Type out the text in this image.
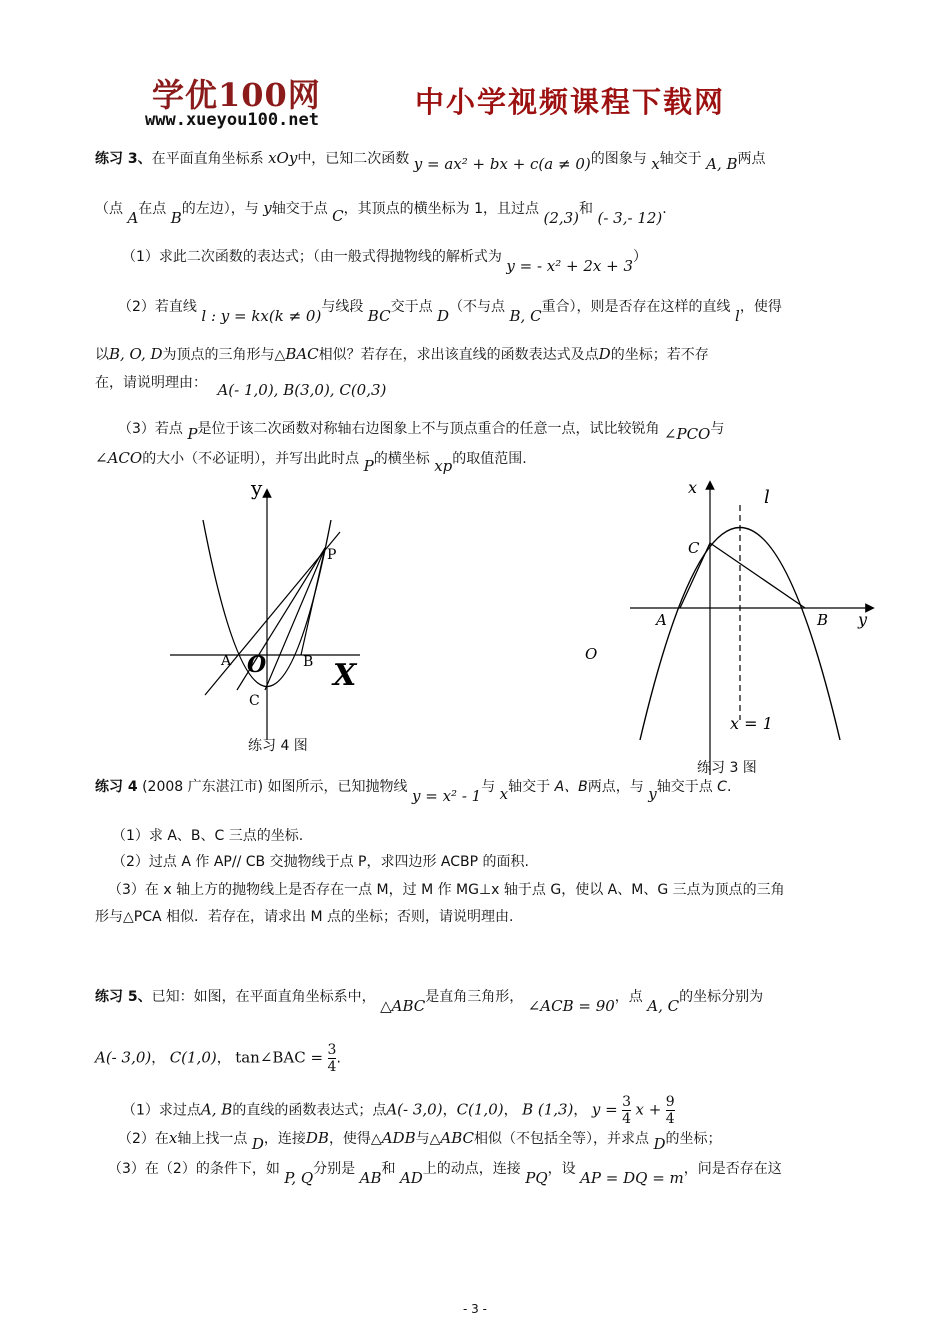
学优100网	中小学视频课程下载网
www.xueyou100.net
练习 3、在平面直角坐标系 xOy中，已知二次函数 y = ax² + bx + c(a ≠ 0)的图象与 x轴交于 A, B两点
（点 A在点 B的左边），与 y轴交于点 C，其顶点的横坐标为 1，且过点 (2,3)和 (- 3,- 12).
（1）求此二次函数的表达式；（由一般式得抛物线的解析式为 y = - x² + 2x + 3）
（2）若直线 l : y = kx(k ≠ 0)与线段 BC交于点 D（不与点 B, C重合），则是否存在这样的直线 l，使得
以B, O, D为顶点的三角形与△BAC相似？若存在，求出该直线的函数表达式及点D的坐标；若不存
在，请说明理由： A(- 1,0), B(3,0), C(0,3)
（3）若点 P是位于该二次函数对称轴右边图象上不与顶点重合的任意一点，试比较锐角 ∠PCO与
∠ACO的大小（不必证明），并写出此时点 P的横坐标 xp的取值范围.
y
X
O
A	B
C
P
练习 4 图
x
y
l
C
A	B
O
x = 1
练习 3 图
练习 4 (2008 广东湛江市) 如图所示，已知抛物线 y = x² - 1与 x轴交于 A、B两点，与 y轴交于点 C.
（1）求 A、B、C 三点的坐标.
（2）过点 A 作 AP// CB 交抛物线于点 P，求四边形 ACBP 的面积.
（3）在 x 轴上方的抛物线上是否存在一点 M，过 M 作 MG⊥x 轴于点 G，使以 A、M、G 三点为顶点的三角
形与△PCA 相似．若存在，请求出 M 点的坐标；否则，请说明理由.
练习 5、已知：如图，在平面直角坐标系中， △ABC是直角三角形， ∠ACB = 90，点 A, C的坐标分别为
A(- 3,0)， C(1,0)， tan∠BAC = $\frac{3}{4}$ .
（1）求过点A, B的直线的函数表达式；点A(- 3,0)，C(1,0)， B (1,3)， $y = \frac{3}{4}$ $x + \frac{9}{4}$
（2）在x轴上找一点 D，连接DB，使得△ADB与△ABC相似（不包括全等），并求点 D的坐标；
（3）在（2）的条件下，如 P, Q分别是 AB和 AD上的动点，连接 PQ，设 AP = DQ = m，问是否存在这
- 3 -
